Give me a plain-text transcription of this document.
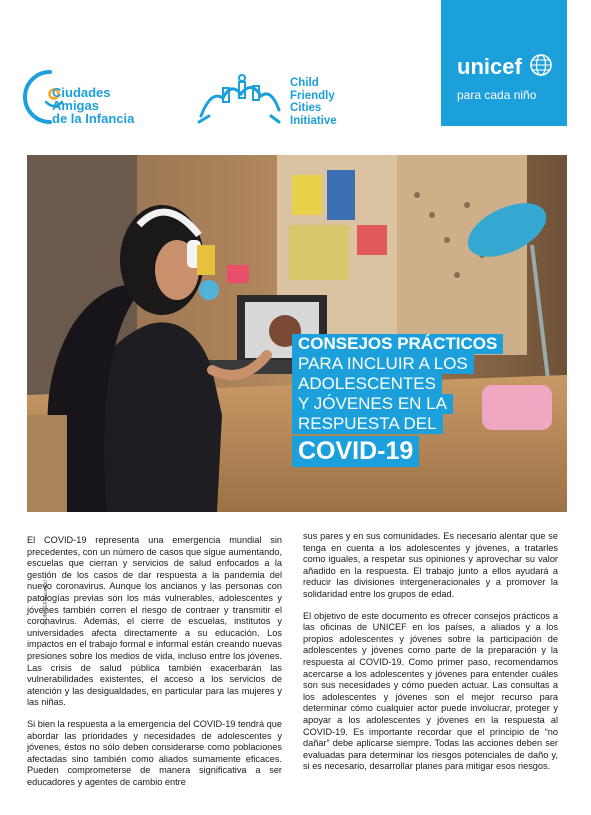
Ciudades
Amigas
de la Infancia
Child
Friendly
Cities
Initiative
unicef
para cada niño
© UNICEF/Ecuador/
CONSEJOS PRÁCTICOS
PARA INCLUIR A LOS
ADOLESCENTES
Y JÓVENES EN LA
RESPUESTA DEL
COVID-19

El COVID-19 representa una emergencia mundial sin precedentes, con un número de casos que sigue aumentando, escuelas que cierran y servicios de salud enfocados a la gestión de los casos de dar respuesta a la pandemia del nuevo coronavirus. Aunque los ancianos y las personas con patologías previas son los más vulnerables, adolescentes y jóvenes también corren el riesgo de contraer y transmitir el coronavirus. Además, el cierre de escuelas, institutos y universidades afecta directamente a su educación. Los impactos en el trabajo formal e informal están creando nuevas presiones sobre los medios de vida, incluso entre los jóvenes. Las crisis de salud pública también exacerbarán las vulnerabilidades existentes, el acceso a los servicios de atención y las desigualdades, en particular para las mujeres y las niñas.

Si bien la respuesta a la emergencia del COVID-19 tendrá que abordar las prioridades y necesidades de adolescentes y jóvenes, éstos no sólo deben considerarse como poblaciones afectadas sino también como aliados sumamente eficaces. Pueden comprometerse de manera significativa a ser educadores y agentes de cambio entre

sus pares y en sus comunidades. Es necesario alentar que se tenga en cuenta a los adolescentes y jóvenes, a tratarles como iguales, a respetar sus opiniones y aprovechar su valor añadido en la respuesta. El trabajo junto a ellos ayudará a reducir las divisiones intergeneracionales y a promover la solidaridad entre los grupos de edad.

El objetivo de este documento es ofrecer consejos prácticos a las oficinas de UNICEF en los países, a aliados y a los propios adolescentes y jóvenes sobre la participación de adolescentes y jóvenes como parte de la preparación y la respuesta al COVID-19. Como primer paso, recomendamos acercarse a los adolescentes y jóvenes para entender cuáles son sus necesidades y cómo pueden actuar. Las consultas a los adolescentes y jóvenes son el mejor recurso para determinar cómo cualquier actor puede involucrar, proteger y apoyar a los adolescentes y jóvenes en la respuesta al COVID-19. Es importante recordar que el principio de “no dañar” debe aplicarse siempre. Todas las acciones deben ser evaluadas para determinar los riesgos potenciales de daño y, si es necesario, desarrollar planes para mitigar esos riesgos.
